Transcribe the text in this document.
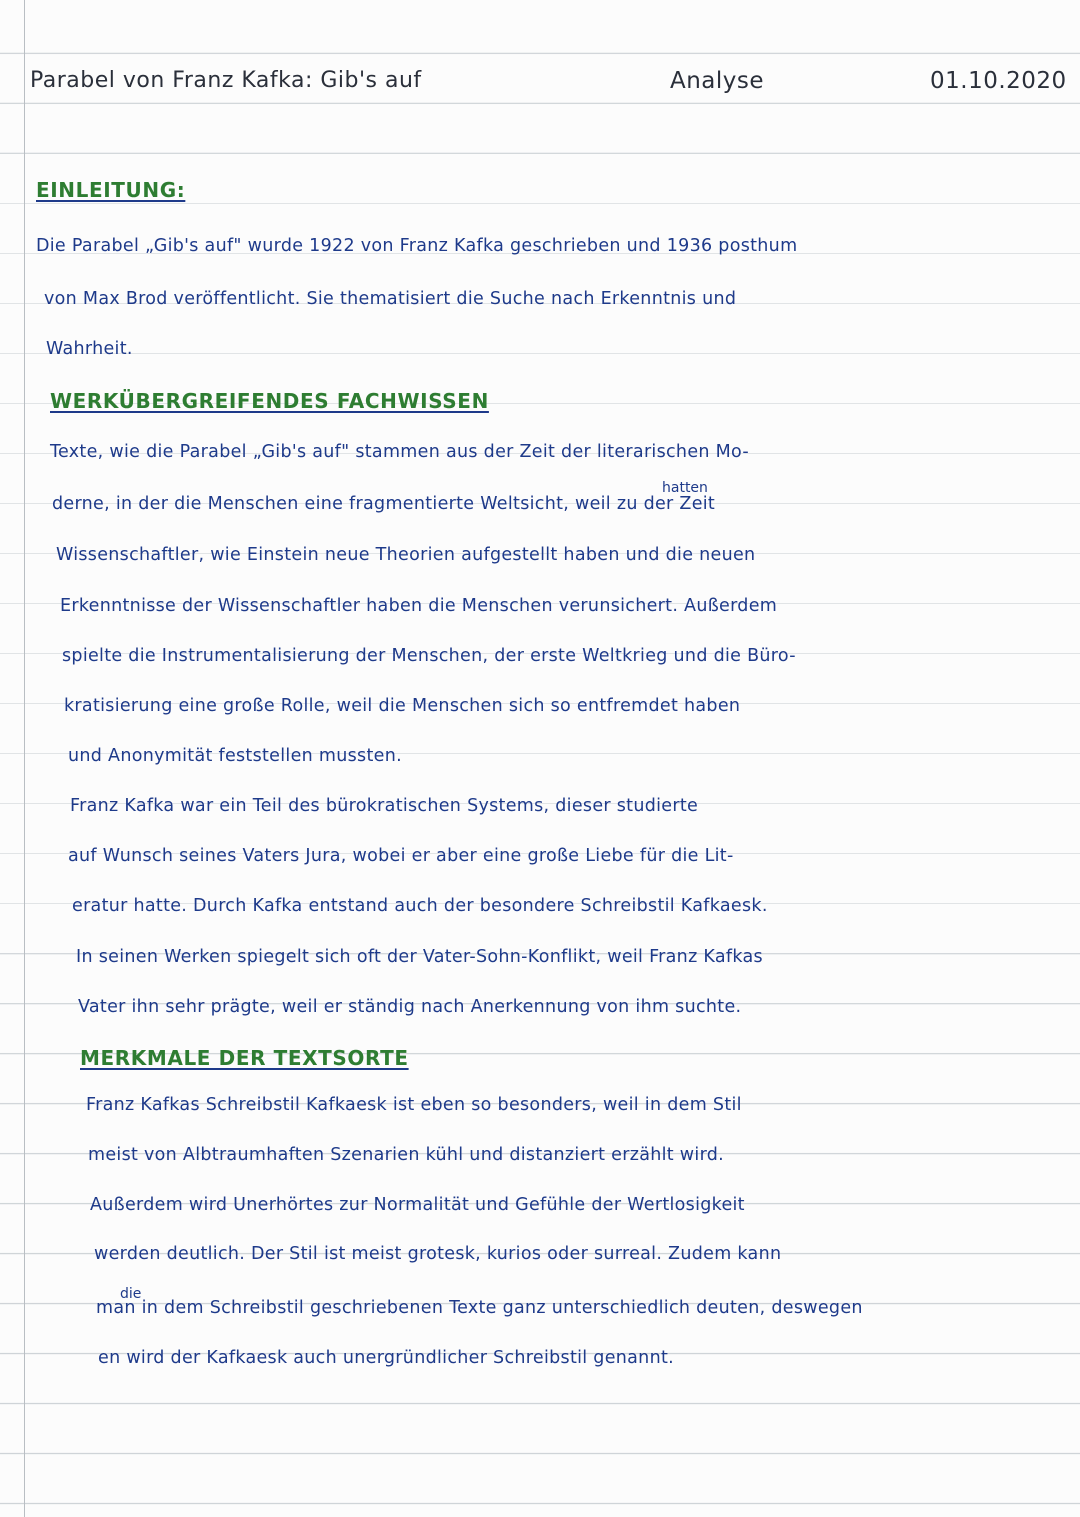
Parabel von Franz Kafka: Gib's auf	Analyse	01.10.2020
EINLEITUNG:
Die Parabel „Gib's auf" wurde 1922 von Franz Kafka geschrieben und 1936 posthum
von Max Brod veröffentlicht. Sie thematisiert die Suche nach Erkenntnis und
Wahrheit.
WERKÜBERGREIFENDES FACHWISSEN
Texte, wie die Parabel „Gib's auf" stammen aus der Zeit der literarischen Mo-
hatten
derne, in der die Menschen eine fragmentierte Weltsicht, weil zu der Zeit
Wissenschaftler, wie Einstein neue Theorien aufgestellt haben und die neuen
Erkenntnisse der Wissenschaftler haben die Menschen verunsichert. Außerdem
spielte die Instrumentalisierung der Menschen, der erste Weltkrieg und die Büro-
kratisierung eine große Rolle, weil die Menschen sich so entfremdet haben
und Anonymität feststellen mussten.
Franz Kafka war ein Teil des bürokratischen Systems, dieser studierte
auf Wunsch seines Vaters Jura, wobei er aber eine große Liebe für die Lit-
eratur hatte. Durch Kafka entstand auch der besondere Schreibstil Kafkaesk.
In seinen Werken spiegelt sich oft der Vater-Sohn-Konflikt, weil Franz Kafkas
Vater ihn sehr prägte, weil er ständig nach Anerkennung von ihm suchte.
MERKMALE DER TEXTSORTE
Franz Kafkas Schreibstil Kafkaesk ist eben so besonders, weil in dem Stil
meist von Albtraumhaften Szenarien kühl und distanziert erzählt wird.
Außerdem wird Unerhörtes zur Normalität und Gefühle der Wertlosigkeit
werden deutlich. Der Stil ist meist grotesk, kurios oder surreal. Zudem kann
die
man in dem Schreibstil geschriebenen Texte ganz unterschiedlich deuten, deswegen
en wird der Kafkaesk auch unergründlicher Schreibstil genannt.
